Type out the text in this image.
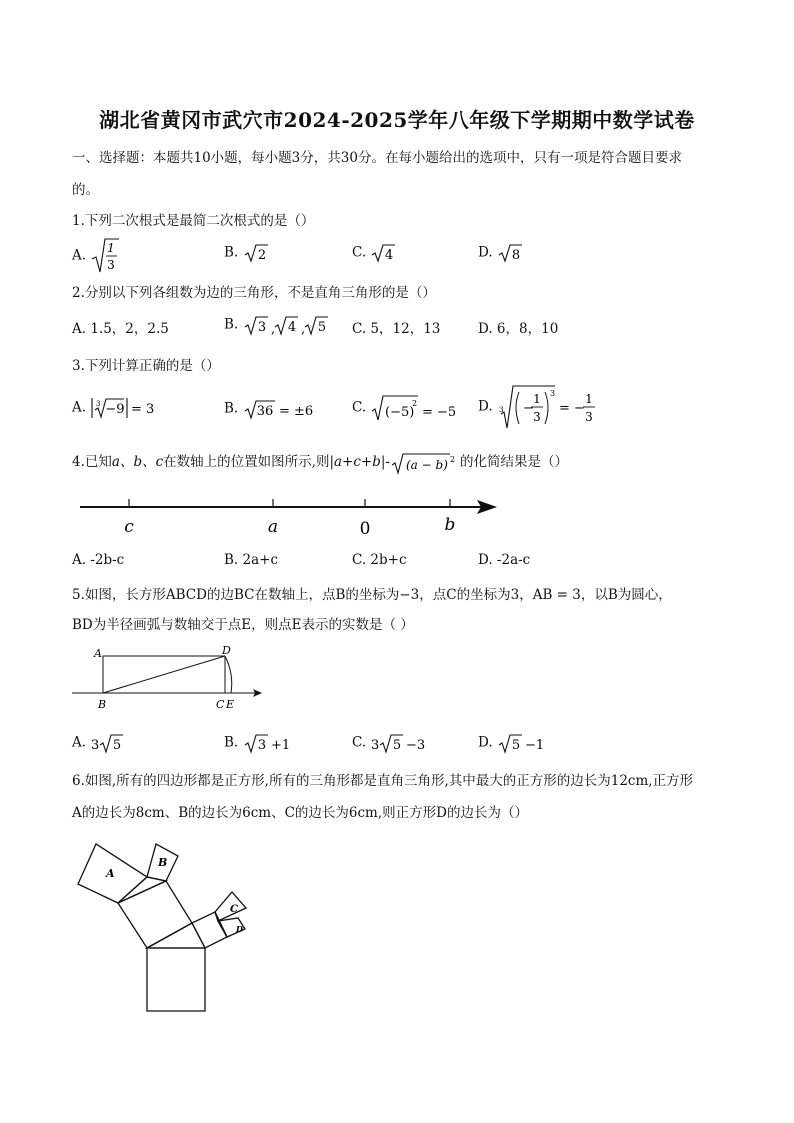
湖北省黄冈市武穴市2024-2025学年八年级下学期期中数学试卷
一、选择题：本题共10小题，每小题3分，共30分。在每小题给出的选项中，只有一项是符合题目要求
的。
1.下列二次根式是最简二次根式的是（）
A. 1
3
B. 2	C. 4	D. 8
2.分别以下列各组数为边的三角形，不是直角三角形的是（）
A. 1.5，2，2.5	B. 3 , 4 , 5 C. 5，12，13	D. 6，8，10
3.下列计算正确的是（）
A. 3 −9 = 3	B. 36 = ±6	C. (−5)
2
= −5 D. 3 −
1
3
3
= −
1
3
4.已知a、b、c在数轴上的位置如图所示,则|a+c+b|- (a − b) 2 的化简结果是（）
c	a	0	b
A. -2b-c	B. 2a+c	C. 2b+c	D. -2a-c
5.如图，长方形ABCD的边BC在数轴上，点B的坐标为−3，点C的坐标为3，AB = 3，以B为圆心，
BD为半径画弧与数轴交于点E，则点E表示的实数是（ ）
A	D
B	C E
A. 3 5	B. 3 +1	C. 3 5 −3	D. 5 −1
6.如图,所有的四边形都是正方形,所有的三角形都是直角三角形,其中最大的正方形的边长为12cm,正方形
A的边长为8cm、B的边长为6cm、C的边长为6cm,则正方形D的边长为（）
A
B
C
D
